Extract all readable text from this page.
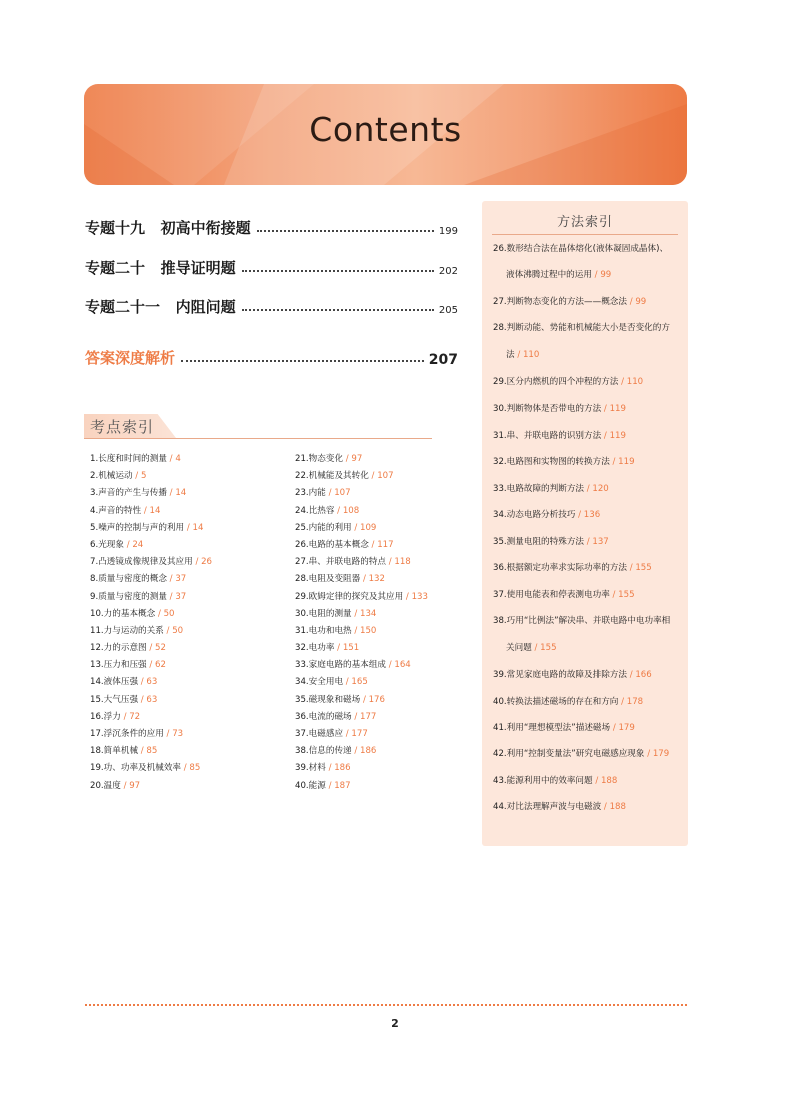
Contents
专题十九   初高中衔接题	199
专题二十   推导证明题	202
专题二十一   内阻问题	205
答案深度解析	207
考点索引
1.长度和时间的测量 / 4
2.机械运动 / 5
3.声音的产生与传播 / 14
4.声音的特性 / 14
5.噪声的控制与声的利用 / 14
6.光现象 / 24
7.凸透镜成像规律及其应用 / 26
8.质量与密度的概念 / 37
9.质量与密度的测量 / 37
10.力的基本概念 / 50
11.力与运动的关系 / 50
12.力的示意图 / 52
13.压力和压强 / 62
14.液体压强 / 63
15.大气压强 / 63
16.浮力 / 72
17.浮沉条件的应用 / 73
18.简单机械 / 85
19.功、功率及机械效率 / 85
20.温度 / 97
21.物态变化 / 97
22.机械能及其转化 / 107
23.内能 / 107
24.比热容 / 108
25.内能的利用 / 109
26.电路的基本概念 / 117
27.串、并联电路的特点 / 118
28.电阻及变阻器 / 132
29.欧姆定律的探究及其应用 / 133
30.电阻的测量 / 134
31.电功和电热 / 150
32.电功率 / 151
33.家庭电路的基本组成 / 164
34.安全用电 / 165
35.磁现象和磁场 / 176
36.电流的磁场 / 177
37.电磁感应 / 177
38.信息的传递 / 186
39.材料 / 186
40.能源 / 187
方法索引
26.数形结合法在晶体熔化(液体凝固成晶体)、
液体沸腾过程中的运用 / 99
27.判断物态变化的方法——概念法 / 99
28.判断动能、势能和机械能大小是否变化的方
法 / 110
29.区分内燃机的四个冲程的方法 / 110
30.判断物体是否带电的方法 / 119
31.串、并联电路的识别方法 / 119
32.电路图和实物图的转换方法 / 119
33.电路故障的判断方法 / 120
34.动态电路分析技巧 / 136
35.测量电阻的特殊方法 / 137
36.根据额定功率求实际功率的方法 / 155
37.使用电能表和停表测电功率 / 155
38.巧用“比例法”解决串、并联电路中电功率相
关问题 / 155
39.常见家庭电路的故障及排除方法 / 166
40.转换法描述磁场的存在和方向 / 178
41.利用“理想模型法”描述磁场 / 179
42.利用“控制变量法”研究电磁感应现象 / 179
43.能源利用中的效率问题 / 188
44.对比法理解声波与电磁波 / 188
2
